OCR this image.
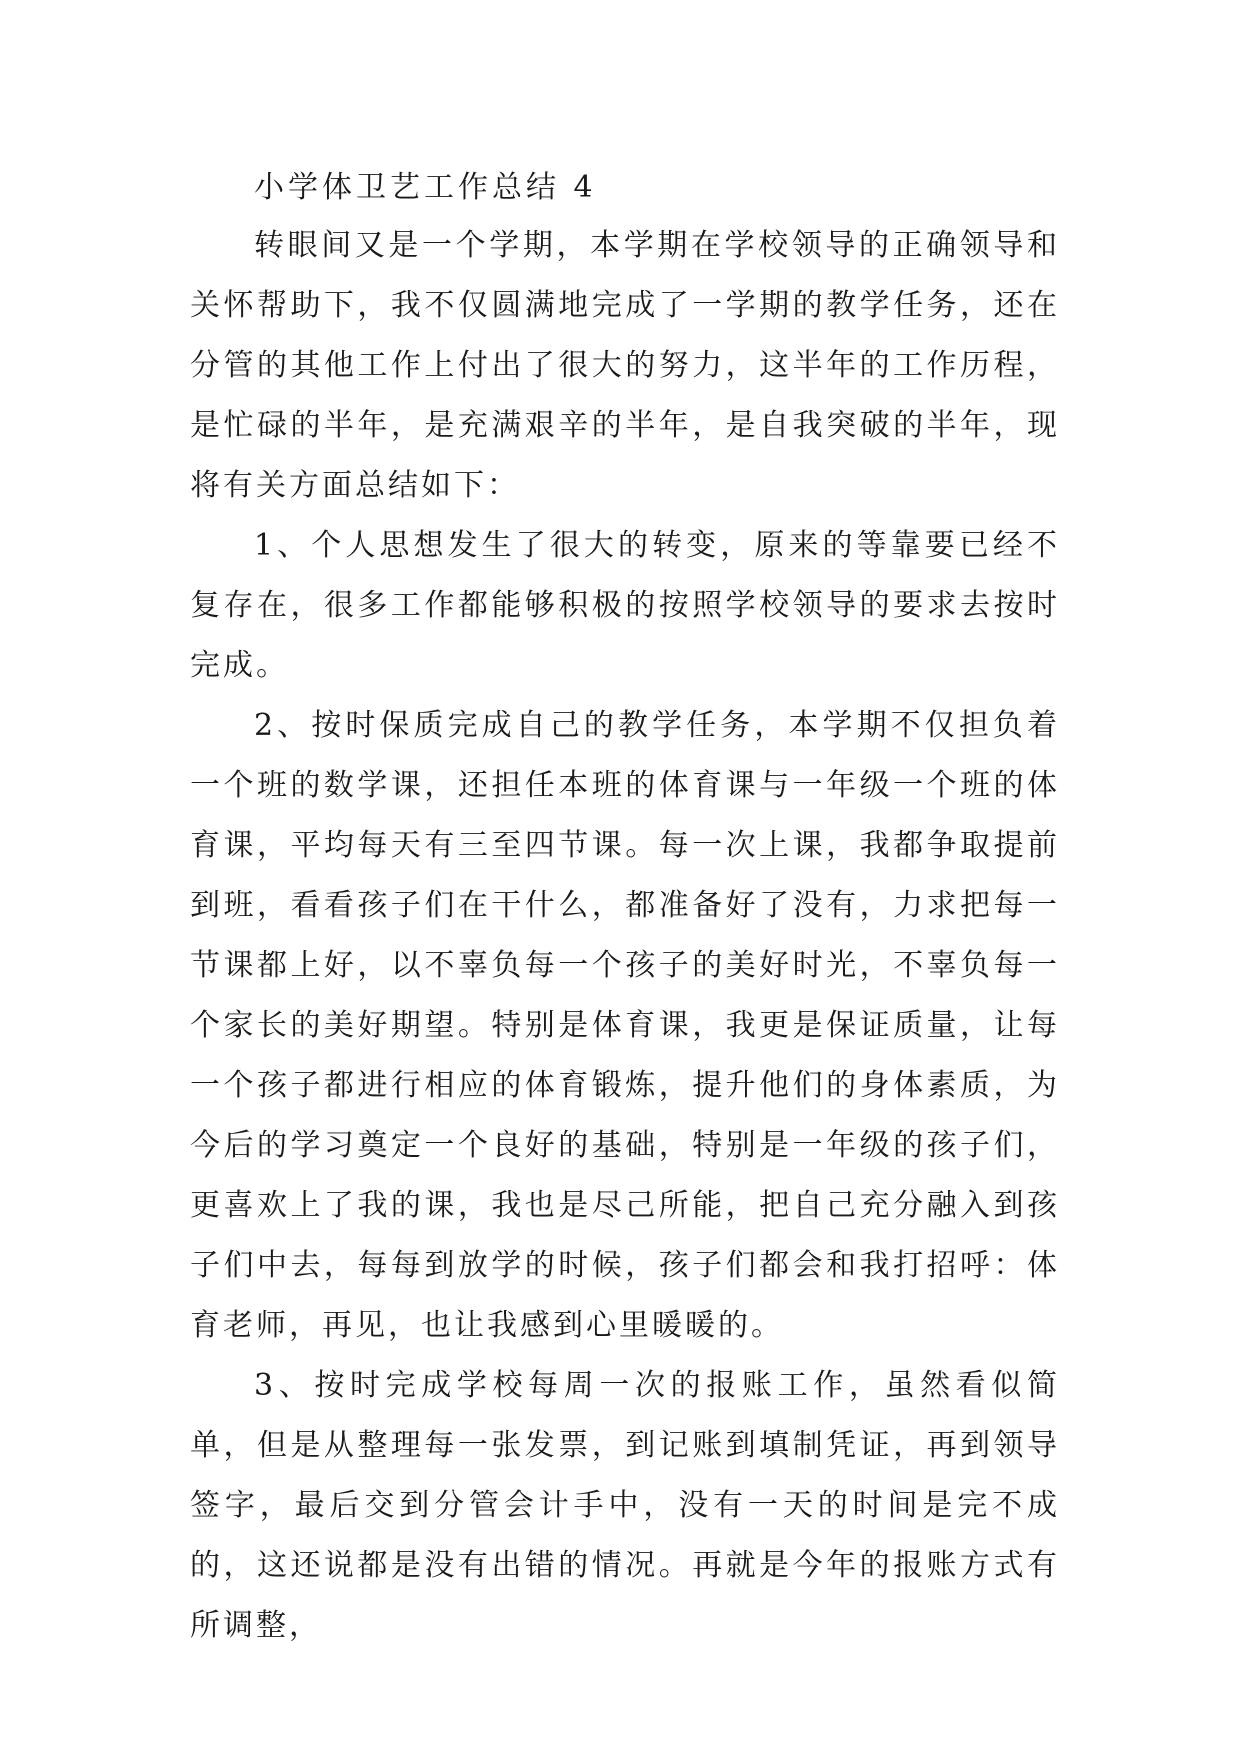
小学体卫艺工作总结 4

转眼间又是一个学期，本学期在学校领导的正确领导和关怀帮助下，我不仅圆满地完成了一学期的教学任务，还在分管的其他工作上付出了很大的努力，这半年的工作历程，是忙碌的半年，是充满艰辛的半年，是自我突破的半年，现将有关方面总结如下：

1、个人思想发生了很大的转变，原来的等靠要已经不复存在，很多工作都能够积极的按照学校领导的要求去按时完成。

2、按时保质完成自己的教学任务，本学期不仅担负着一个班的数学课，还担任本班的体育课与一年级一个班的体育课，平均每天有三至四节课。每一次上课，我都争取提前到班，看看孩子们在干什么，都准备好了没有，力求把每一节课都上好，以不辜负每一个孩子的美好时光，不辜负每一个家长的美好期望。特别是体育课，我更是保证质量，让每一个孩子都进行相应的体育锻炼，提升他们的身体素质，为今后的学习奠定一个良好的基础，特别是一年级的孩子们，更喜欢上了我的课，我也是尽己所能，把自己充分融入到孩子们中去，每每到放学的时候，孩子们都会和我打招呼：体育老师，再见，也让我感到心里暖暖的。

3、按时完成学校每周一次的报账工作，虽然看似简单，但是从整理每一张发票，到记账到填制凭证，再到领导签字，最后交到分管会计手中，没有一天的时间是完不成的，这还说都是没有出错的情况。再就是今年的报账方式有所调整，
